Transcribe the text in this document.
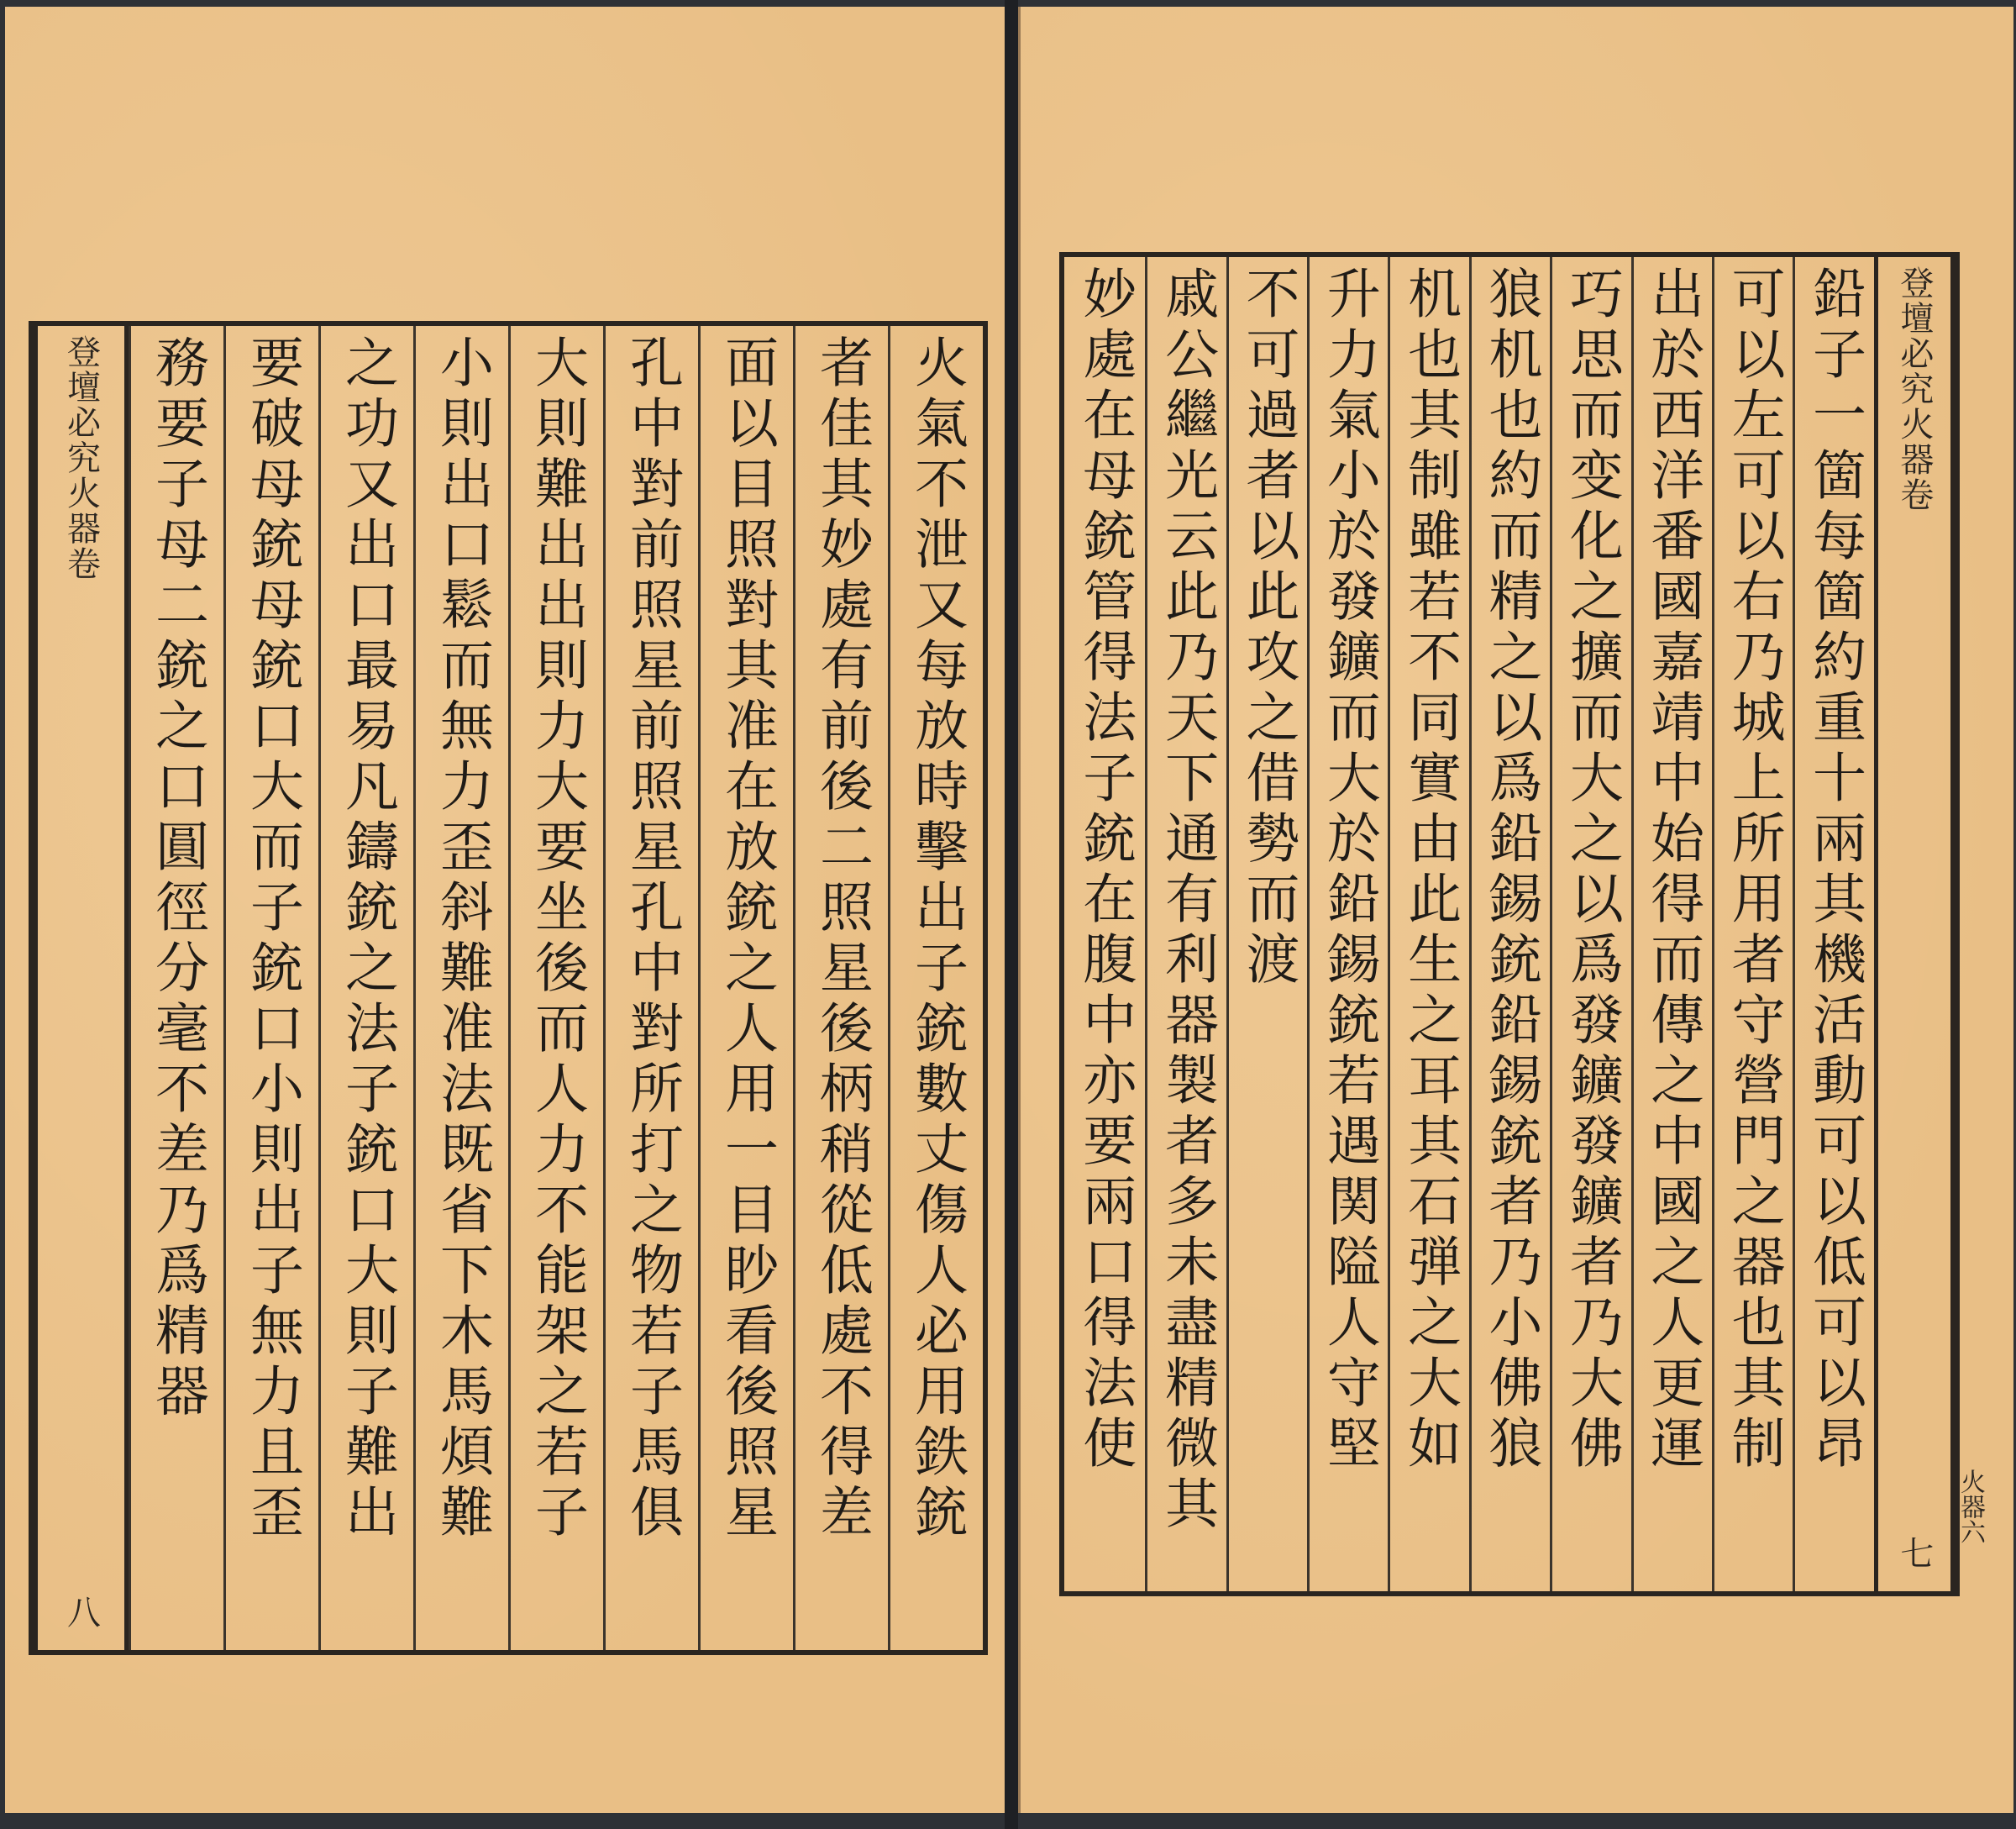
火氣不泄又每放時擊出子銃數丈傷人必用鉄銃
者佳其妙處有前後二照星後柄稍從低處不得差
面以目照對其准在放銃之人用一目眇看後照星
孔中對前照星前照星孔中對所打之物若子馬俱
大則難出出則力大要坐後而人力不能架之若子
小則出口鬆而無力歪斜難准法既省下木馬煩難
之功又出口最易凡鑄銃之法子銃口大則子難出
要破母銃母銃口大而子銃口小則出子無力且歪
務要子母二銃之口圓徑分毫不差乃爲精器
登壇必究
火器卷
八
登壇必究
火器卷
七
鉛子一箇每箇約重十兩其機活動可以低可以昂
可以左可以右乃城上所用者守營門之器也其制
出於西洋番國嘉靖中始得而傳之中國之人更運
巧思而变化之擴而大之以爲發鑛發鑛者乃大佛
狼机也約而精之以爲鉛錫銃鉛錫銃者乃小佛狼
机也其制雖若不同實由此生之耳其石弾之大如
升力氣小於發鑛而大於鉛錫銃若遇関隘人守堅
不可過者以此攻之借勢而渡
戚公繼光云此乃天下通有利器製者多未盡精微其
妙處在母銃管得法子銃在腹中亦要兩口得法使
火器六
